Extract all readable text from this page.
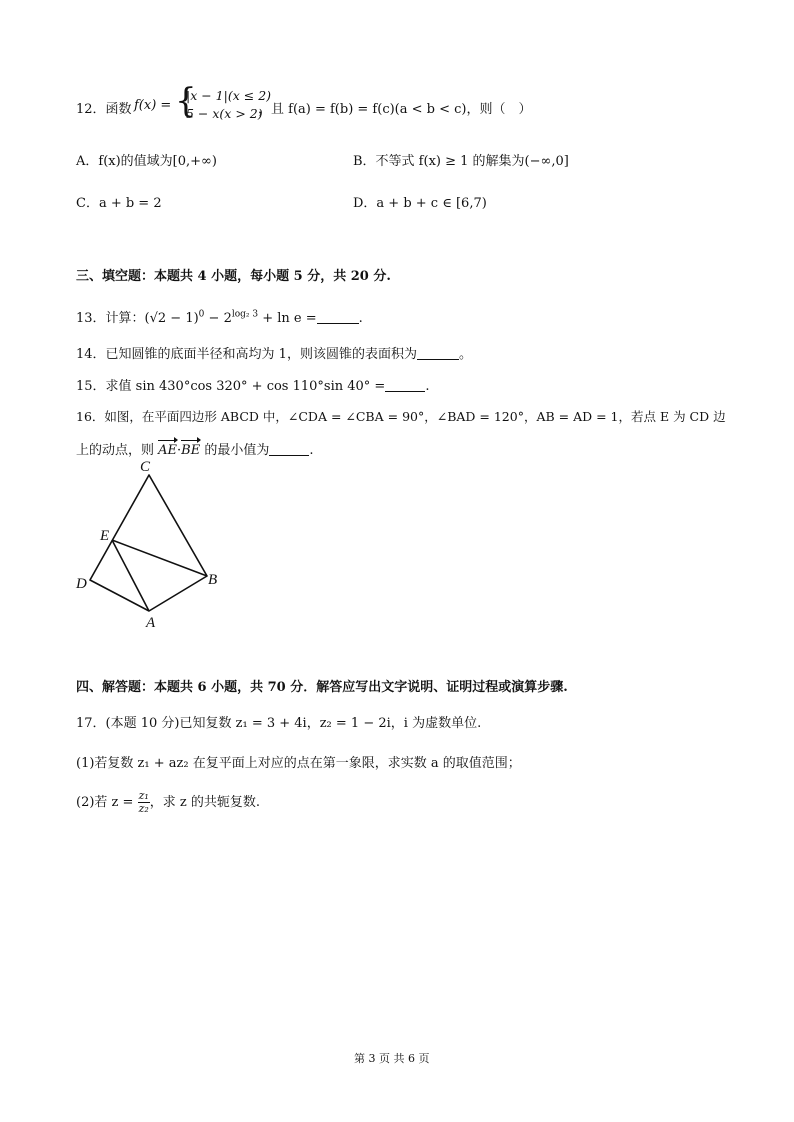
12．函数 f(x) = {
|x − 1|(x ≤ 2)
5 − x(x > 2)
，且 f(a) = f(b) = f(c)(a < b < c)，则（　）
A．f(x)的值域为[0,+∞)	B．不等式 f(x) ≥ 1 的解集为(−∞,0]
C．a + b = 2	D．a + b + c ∈ [6,7)
三、填空题：本题共 4 小题，每小题 5 分，共 20 分.
13．计算：$(√2 - 1)^0 - 2^{log_2 3} + \ln e$ =	.
14．已知圆锥的底面半径和高均为 1，则该圆锥的表面积为	。
15．求值 sin 430°cos 320° + cos 110°sin 40° =	.
16．如图，在平面四边形 ABCD 中，∠CDA = ∠CBA = 90°，∠BAD = 120°，AB = AD = 1，若点 E 为 CD 边
上的动点，则 AE·BE 的最小值为	.
C
E
D	B
A
四、解答题：本题共 6 小题，共 70 分．解答应写出文字说明、证明过程或演算步骤.
17．(本题 10 分)已知复数 z₁ = 3 + 4i，z₂ = 1 − 2i，i 为虚数单位.
(1)若复数 z₁ + az₂ 在复平面上对应的点在第一象限，求实数 a 的取值范围；
(2)若 $z = \frac{\text{z₁}}{\text{z₂}}$ ，求 z 的共轭复数.
第 3 页 共 6 页
